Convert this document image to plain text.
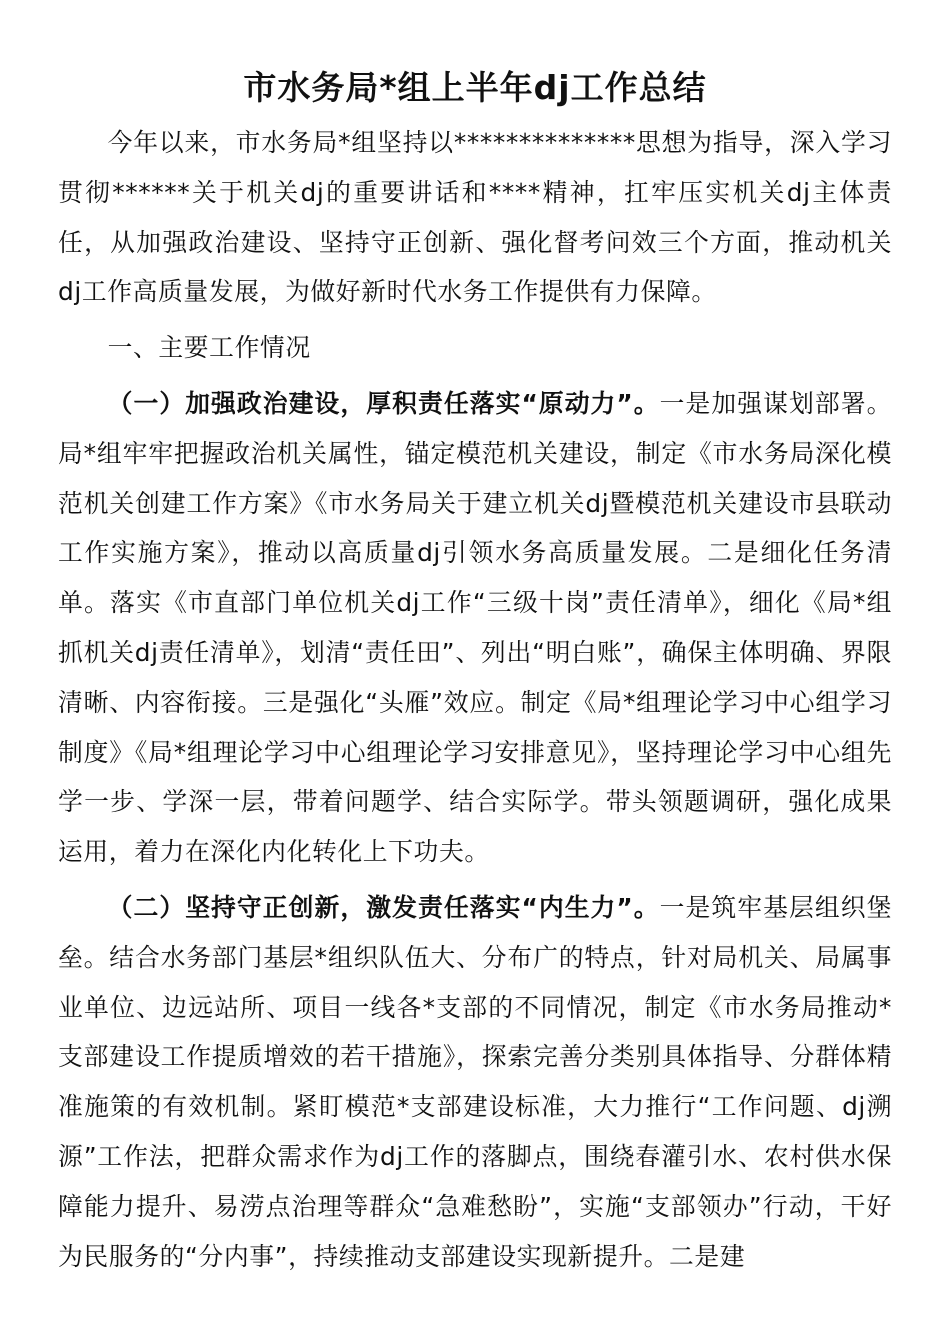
市水务局*组上半年dj工作总结

今年以来，市水务局*组坚持以**************思想为指导，深入学习贯彻******关于机关dj的重要讲话和****精神，扛牢压实机关dj主体责任，从加强政治建设、坚持守正创新、强化督考问效三个方面，推动机关dj工作高质量发展，为做好新时代水务工作提供有力保障。

一、主要工作情况

（一）加强政治建设，厚积责任落实“原动力”。一是加强谋划部署。局*组牢牢把握政治机关属性，锚定模范机关建设，制定《市水务局深化模范机关创建工作方案》《市水务局关于建立机关dj暨模范机关建设市县联动工作实施方案》，推动以高质量dj引领水务高质量发展。二是细化任务清单。落实《市直部门单位机关dj工作“三级十岗”责任清单》，细化《局*组抓机关dj责任清单》，划清“责任田”、列出“明白账”，确保主体明确、界限清晰、内容衔接。三是强化“头雁”效应。制定《局*组理论学习中心组学习制度》《局*组理论学习中心组理论学习安排意见》，坚持理论学习中心组先学一步、学深一层，带着问题学、结合实际学。带头领题调研，强化成果运用，着力在深化内化转化上下功夫。

（二）坚持守正创新，激发责任落实“内生力”。一是筑牢基层组织堡垒。结合水务部门基层*组织队伍大、分布广的特点，针对局机关、局属事业单位、边远站所、项目一线各*支部的不同情况，制定《市水务局推动*支部建设工作提质增效的若干措施》，探索完善分类别具体指导、分群体精准施策的有效机制。紧盯模范*支部建设标准，大力推行“工作问题、dj溯源”工作法，把群众需求作为dj工作的落脚点，围绕春灌引水、农村供水保障能力提升、易涝点治理等群众“急难愁盼”，实施“支部领办”行动，干好为民服务的“分内事”，持续推动支部建设实现新提升。二是建
